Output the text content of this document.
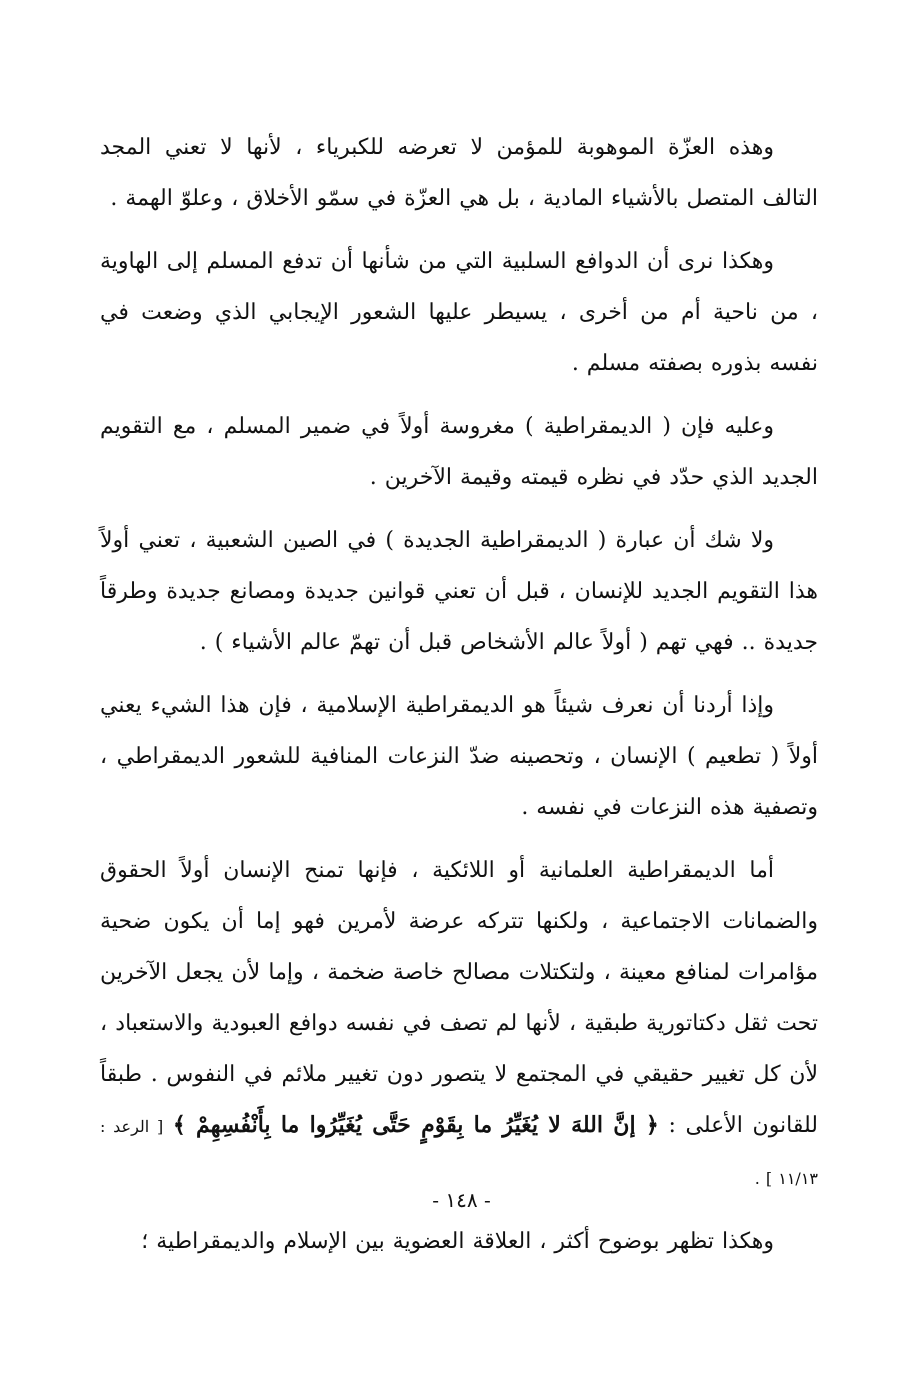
وهذه العزّة الموهوبة للمؤمن لا تعرضه للكبرياء ، لأنها لا تعني المجد التالف المتصل بالأشياء المادية ، بل هي العزّة في سمّو الأخلاق ، وعلوّ الهمة .

وهكذا نرى أن الدوافع السلبية التي من شأنها أن تدفع المسلم إلى الهاوية ، من ناحية أم من أخرى ، يسيطر عليها الشعور الإيجابي الذي وضعت في نفسه بذوره بصفته مسلم .

وعليه فإن ( الديمقراطية ) مغروسة أولاً في ضمير المسلم ، مع التقويم الجديد الذي حدّد في نظره قيمته وقيمة الآخرين .

ولا شك أن عبارة ( الديمقراطية الجديدة ) في الصين الشعبية ، تعني أولاً هذا التقويم الجديد للإنسان ، قبل أن تعني قوانين جديدة ومصانع جديدة وطرقاً جديدة .. فهي تهم ( أولاً عالم الأشخاص قبل أن تهمّ عالم الأشياء ) .

وإذا أردنا أن نعرف شيئاً هو الديمقراطية الإسلامية ، فإن هذا الشيء يعني أولاً ( تطعيم ) الإنسان ، وتحصينه ضدّ النزعات المنافية للشعور الديمقراطي ، وتصفية هذه النزعات في نفسه .

أما الديمقراطية العلمانية أو اللائكية ، فإنها تمنح الإنسان أولاً الحقوق والضمانات الاجتماعية ، ولكنها تتركه عرضة لأمرين فهو إما أن يكون ضحية مؤامرات لمنافع معينة ، ولتكتلات مصالح خاصة ضخمة ، وإما لأن يجعل الآخرين تحت ثقل دكتاتورية طبقية ، لأنها لم تصف في نفسه دوافع العبودية والاستعباد ، لأن كل تغيير حقيقي في المجتمع لا يتصور دون تغيير ملائم في النفوس . طبقاً للقانون الأعلى : ﴿ إنَّ اللهَ لا يُغَيِّرُ ما بِقَوْمٍ حَتَّى يُغَيِّرُوا ما بِأَنْفُسِهِمْ ﴾ [ الرعد : ١١/١٣ ] .

وهكذا تظهر بوضوح أكثر ، العلاقة العضوية بين الإسلام والديمقراطية ؛

- ١٤٨ -
